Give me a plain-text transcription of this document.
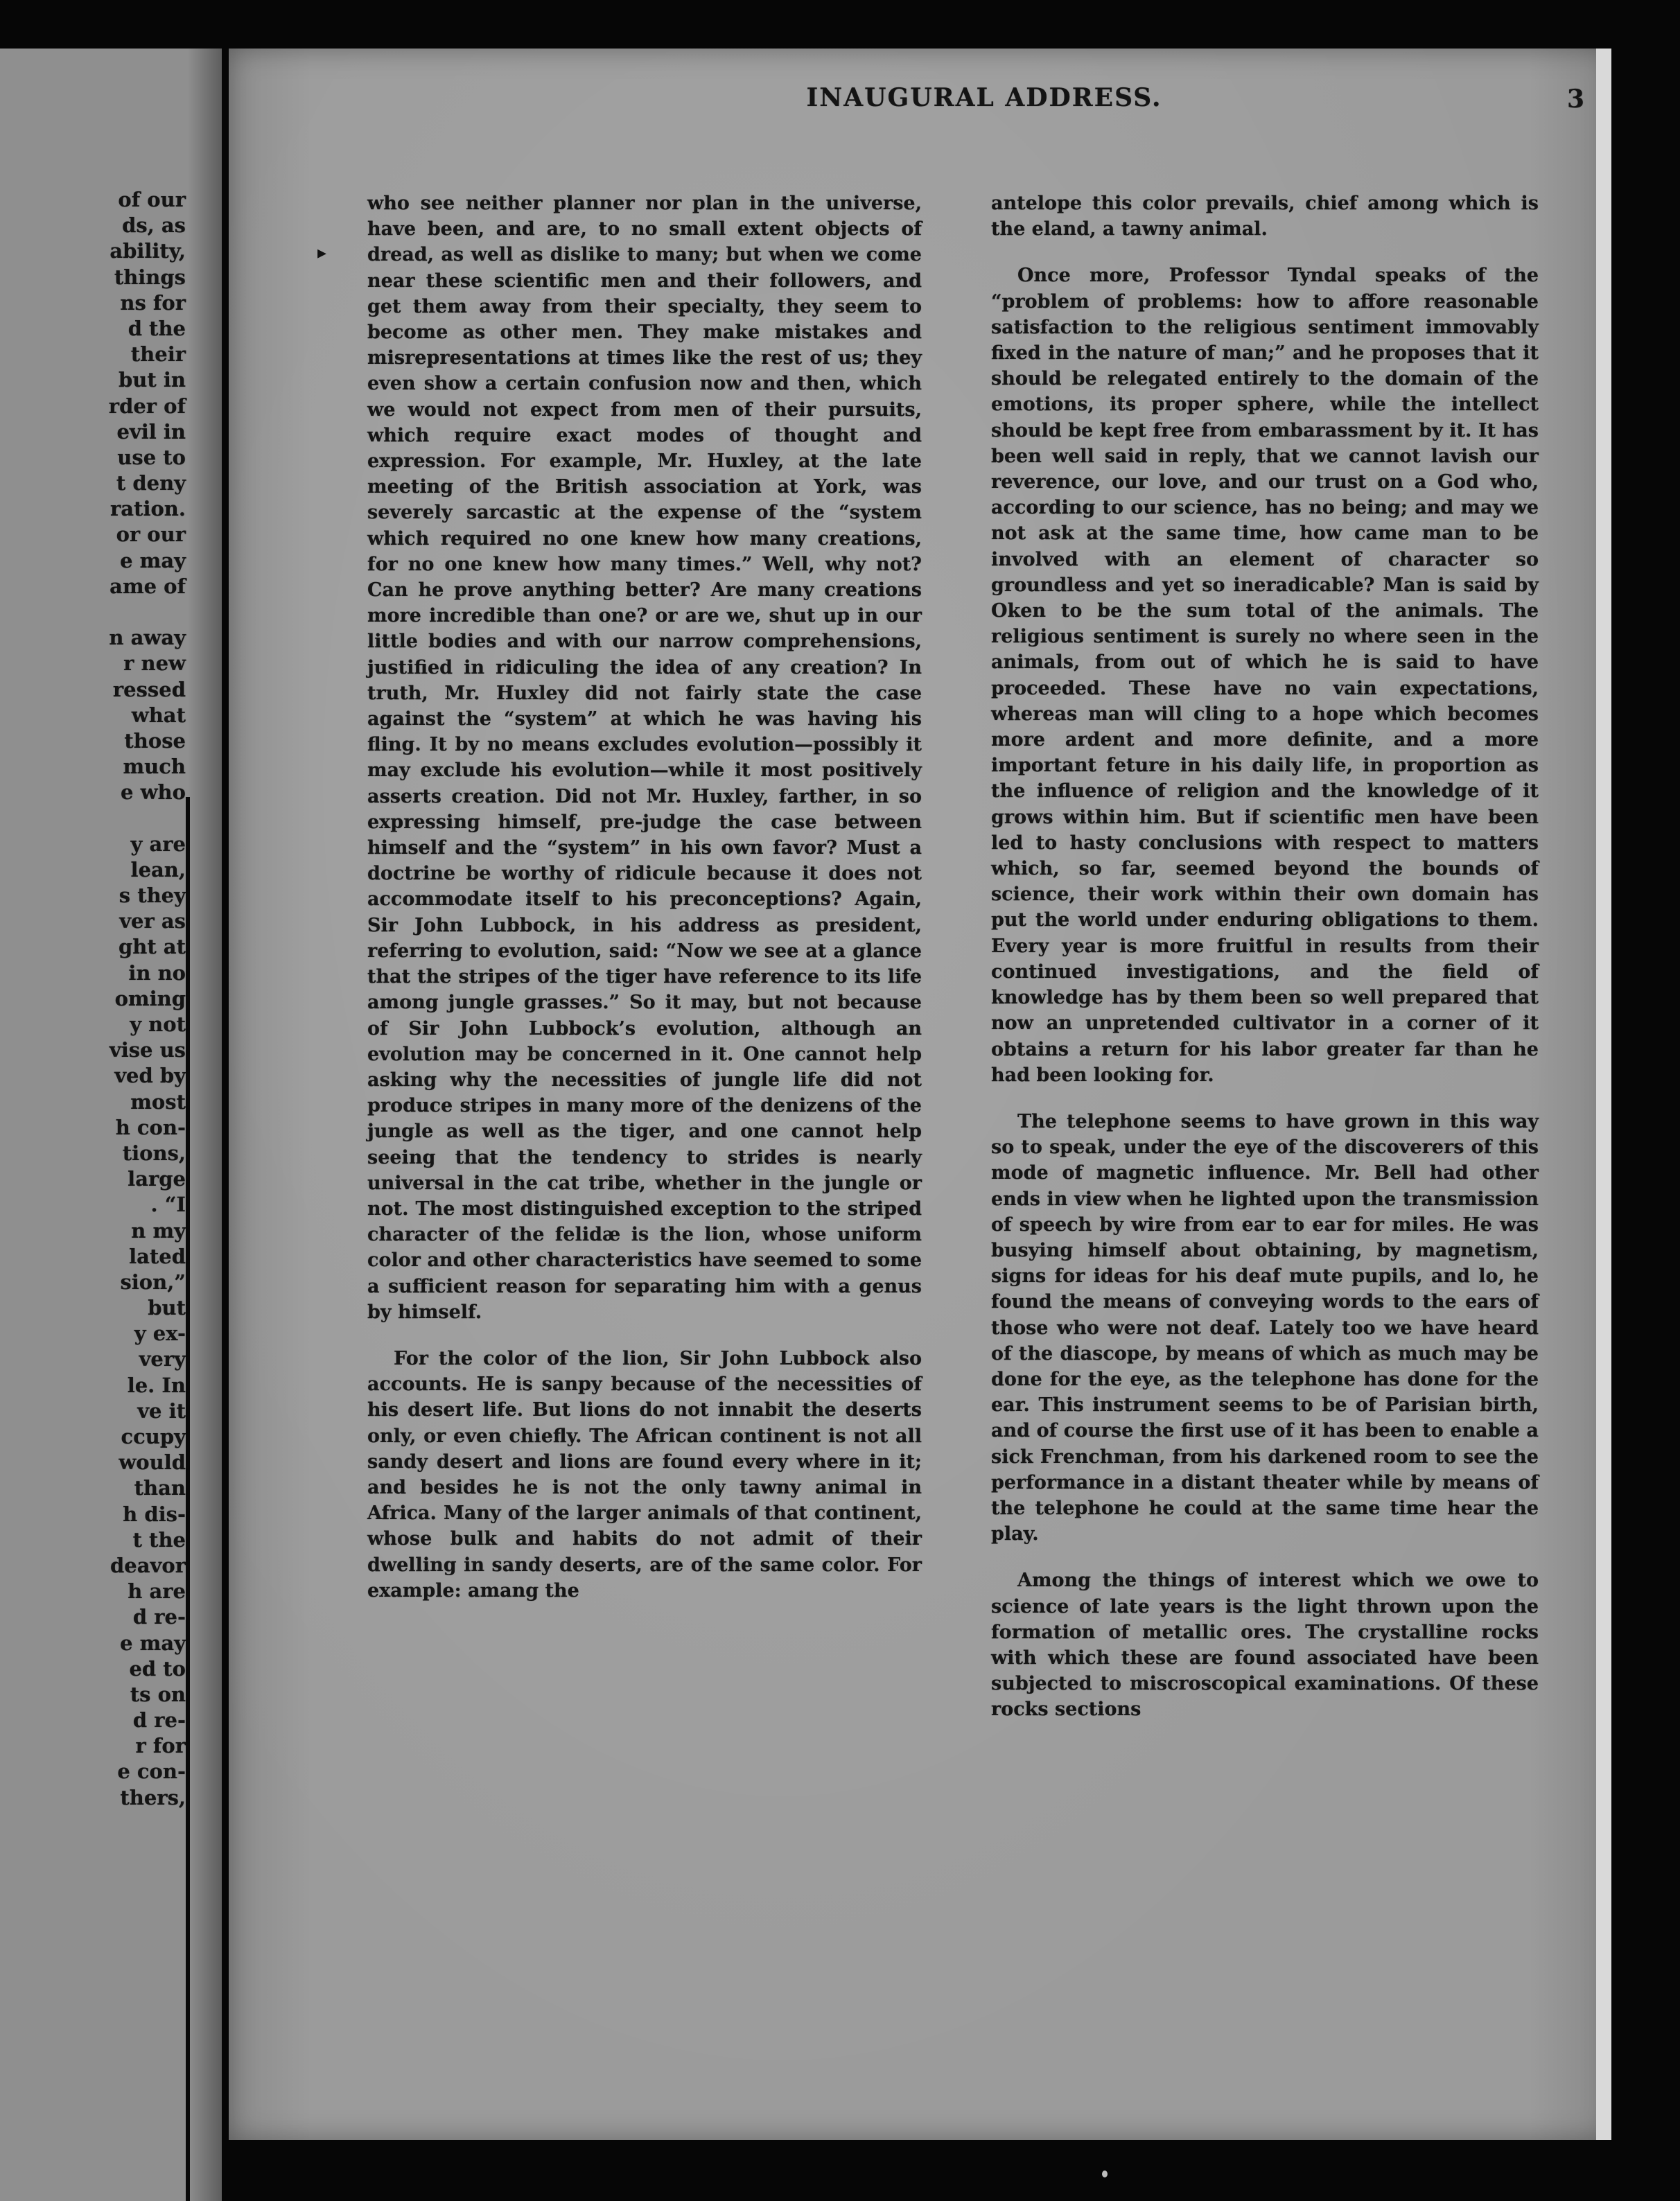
of our
ds, as
ability,
things
ns for
d the
their
but in
rder of
evil in
use to
t deny
ration.
or our
e may
ame of
n away
r new
ressed
what
those
much
e who
y are
lean,
s they
ver as
ght at
in no
oming
y not
vise us
ved by
most
h con-
tions,
large
. “I
n my
lated
sion,”
but
y ex-
very
le. In
ve it
ccupy
would
than
h dis-
t the
deavor
h are
d re-
e may
ed to
ts on
d re-
r for
e con-
thers,
INAUGURAL ADDRESS.	3
▸

who see neither planner nor plan in the universe, have been, and are, to no small extent objects of dread, as well as dislike to many; but when we come near these scientific men and their followers, and get them away from their specialty, they seem to become as other men. They make mistakes and misrepresentations at times like the rest of us; they even show a certain confusion now and then, which we would not expect from men of their pursuits, which require exact modes of thought and expression. For example, Mr. Huxley, at the late meeting of the British association at York, was severely sarcastic at the expense of the “system which required no one knew how many creations, for no one knew how many times.” Well, why not? Can he prove anything better? Are many creations more incredible than one? or are we, shut up in our little bodies and with our narrow comprehensions, justified in ridiculing the idea of any creation? In truth, Mr. Huxley did not fairly state the case against the “system” at which he was having his fling. It by no means excludes evolution—possibly it may exclude his evolution—while it most positively asserts creation. Did not Mr. Huxley, farther, in so expressing himself, pre-judge the case between himself and the “system” in his own favor? Must a doctrine be worthy of ridicule because it does not accommodate itself to his preconceptions? Again, Sir John Lubbock, in his address as president, referring to evolution, said: “Now we see at a glance that the stripes of the tiger have reference to its life among jungle grasses.” So it may, but not because of Sir John Lubbock’s evolution, although an evolution may be concerned in it. One cannot help asking why the necessities of jungle life did not produce stripes in many more of the denizens of the jungle as well as the tiger, and one cannot help seeing that the tendency to strides is nearly universal in the cat tribe, whether in the jungle or not. The most distinguished exception to the striped character of the felidæ is the lion, whose uniform color and other characteristics have seemed to some a sufficient reason for separating him with a genus by himself.

For the color of the lion, Sir John Lubbock also accounts. He is sanpy because of the necessities of his desert life. But lions do not innabit the deserts only, or even chiefly. The African continent is not all sandy desert and lions are found every where in it; and besides he is not the only tawny animal in Africa. Many of the larger animals of that continent, whose bulk and habits do not admit of their dwelling in sandy deserts, are of the same color. For example: amang the

antelope this color prevails, chief among which is the eland, a tawny animal.

Once more, Professor Tyndal speaks of the “problem of problems: how to affore reasonable satisfaction to the religious sentiment immovably fixed in the nature of man;” and he proposes that it should be relegated entirely to the domain of the emotions, its proper sphere, while the intellect should be kept free from embarassment by it. It has been well said in reply, that we cannot lavish our reverence, our love, and our trust on a God who, according to our science, has no being; and may we not ask at the same time, how came man to be involved with an element of character so groundless and yet so ineradicable? Man is said by Oken to be the sum total of the animals. The religious sentiment is surely no where seen in the animals, from out of which he is said to have proceeded. These have no vain expectations, whereas man will cling to a hope which becomes more ardent and more definite, and a more important feture in his daily life, in proportion as the influence of religion and the knowledge of it grows within him. But if scientific men have been led to hasty conclusions with respect to matters which, so far, seemed beyond the bounds of science, their work within their own domain has put the world under enduring obligations to them. Every year is more fruitful in results from their continued investigations, and the field of knowledge has by them been so well prepared that now an unpretended cultivator in a corner of it obtains a return for his labor greater far than he had been looking for.

The telephone seems to have grown in this way so to speak, under the eye of the discoverers of this mode of magnetic influence. Mr. Bell had other ends in view when he lighted upon the transmission of speech by wire from ear to ear for miles. He was busying himself about obtaining, by magnetism, signs for ideas for his deaf mute pupils, and lo, he found the means of conveying words to the ears of those who were not deaf. Lately too we have heard of the diascope, by means of which as much may be done for the eye, as the telephone has done for the ear. This instrument seems to be of Parisian birth, and of course the first use of it has been to enable a sick Frenchman, from his darkened room to see the performance in a distant theater while by means of the telephone he could at the same time hear the play.

Among the things of interest which we owe to science of late years is the light thrown upon the formation of metallic ores. The crystalline rocks with which these are found associated have been subjected to miscroscopical examinations. Of these rocks sections
